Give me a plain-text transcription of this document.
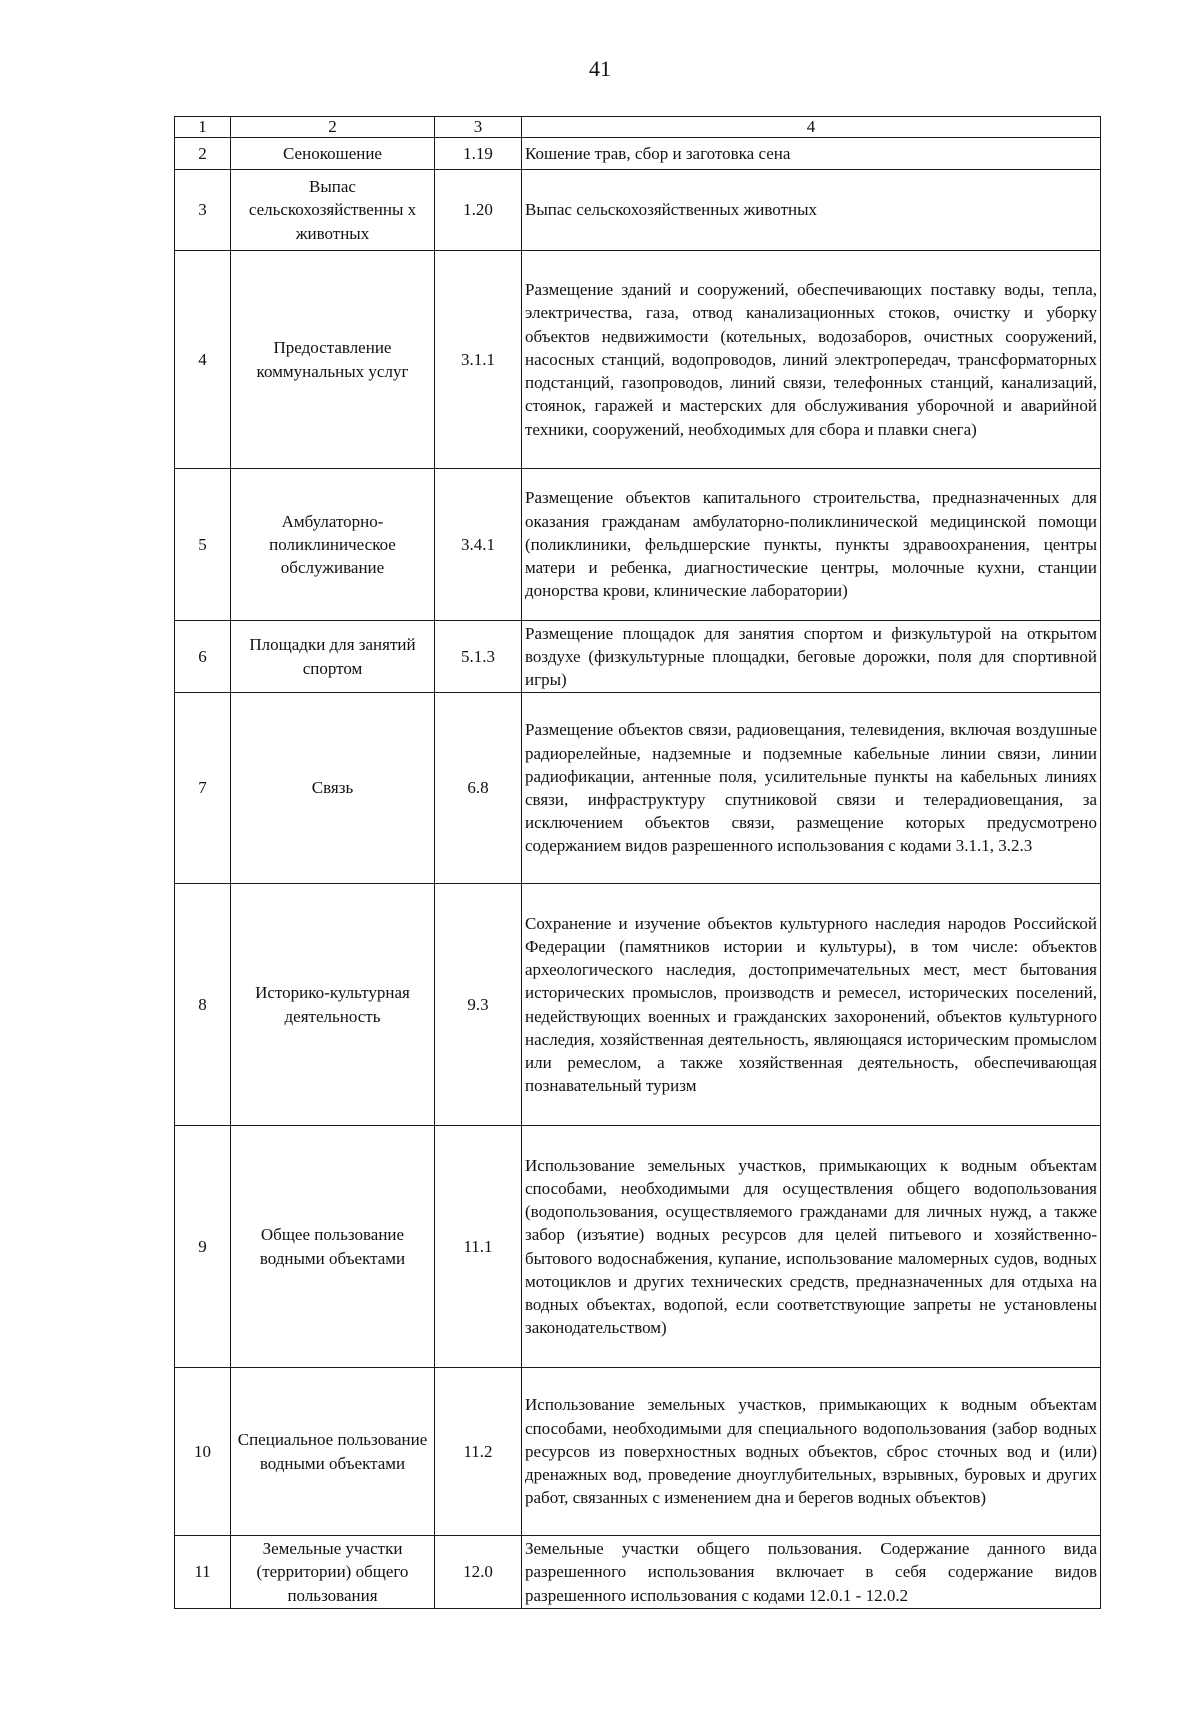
41
1	2	3	4
2	Сенокошение	1.19	Кошение трав, сбор и заготовка сена
3	Выпас сельскохозяйственны х животных	1.20	Выпас сельскохозяйственных животных
4	Предоставление коммунальных услуг	3.1.1	Размещение зданий и сооружений, обеспечивающих поставку воды, тепла, электричества, газа, отвод канализационных стоков, очистку и уборку объектов недвижимости (котельных, водозаборов, очистных сооружений, насосных станций, водопроводов, линий электропередач, трансформаторных подстанций, газопроводов, линий связи, телефонных станций, канализаций, стоянок, гаражей и мастерских для обслуживания уборочной и аварийной техники, сооружений, необходимых для сбора и плавки снега)
5	Амбулаторно-поликлиническое обслуживание	3.4.1	Размещение объектов капитального строительства, предназначенных для оказания гражданам амбулаторно-поликлинической медицинской помощи (поликлиники, фельдшерские пункты, пункты здравоохранения, центры матери и ребенка, диагностические центры, молочные кухни, станции донорства крови, клинические лаборатории)
6	Площадки для занятий спортом	5.1.3	Размещение площадок для занятия спортом и физкультурой на открытом воздухе (физкультурные площадки, беговые дорожки, поля для спортивной игры)
7	Связь	6.8	Размещение объектов связи, радиовещания, телевидения, включая воздушные радиорелейные, надземные и подземные кабельные линии связи, линии радиофикации, антенные поля, усилительные пункты на кабельных линиях связи, инфраструктуру спутниковой связи и телерадиовещания, за исключением объектов связи, размещение которых предусмотрено содержанием видов разрешенного использования с кодами 3.1.1, 3.2.3
8	Историко-культурная деятельность	9.3	Сохранение и изучение объектов культурного наследия народов Российской Федерации (памятников истории и культуры), в том числе: объектов археологического наследия, достопримечательных мест, мест бытования исторических промыслов, производств и ремесел, исторических поселений, недействующих военных и гражданских захоронений, объектов культурного наследия, хозяйственная деятельность, являющаяся историческим промыслом или ремеслом, а также хозяйственная деятельность, обеспечивающая познавательный туризм
9	Общее пользование водными объектами	11.1	Использование земельных участков, примыкающих к водным объектам способами, необходимыми для осуществления общего водопользования (водопользования, осуществляемого гражданами для личных нужд, а также забор (изъятие) водных ресурсов для целей питьевого и хозяйственно-бытового водоснабжения, купание, использование маломерных судов, водных мотоциклов и других технических средств, предназначенных для отдыха на водных объектах, водопой, если соответствующие запреты не установлены законодательством)
10	Специальное пользование водными объектами	11.2	Использование земельных участков, примыкающих к водным объектам способами, необходимыми для специального водопользования (забор водных ресурсов из поверхностных водных объектов, сброс сточных вод и (или) дренажных вод, проведение дноуглубительных, взрывных, буровых и других работ, связанных с изменением дна и берегов водных объектов)
11	Земельные участки (территории) общего пользования	12.0	Земельные участки общего пользования. Содержание данного вида разрешенного использования включает в себя содержание видов разрешенного использования с кодами 12.0.1 - 12.0.2
